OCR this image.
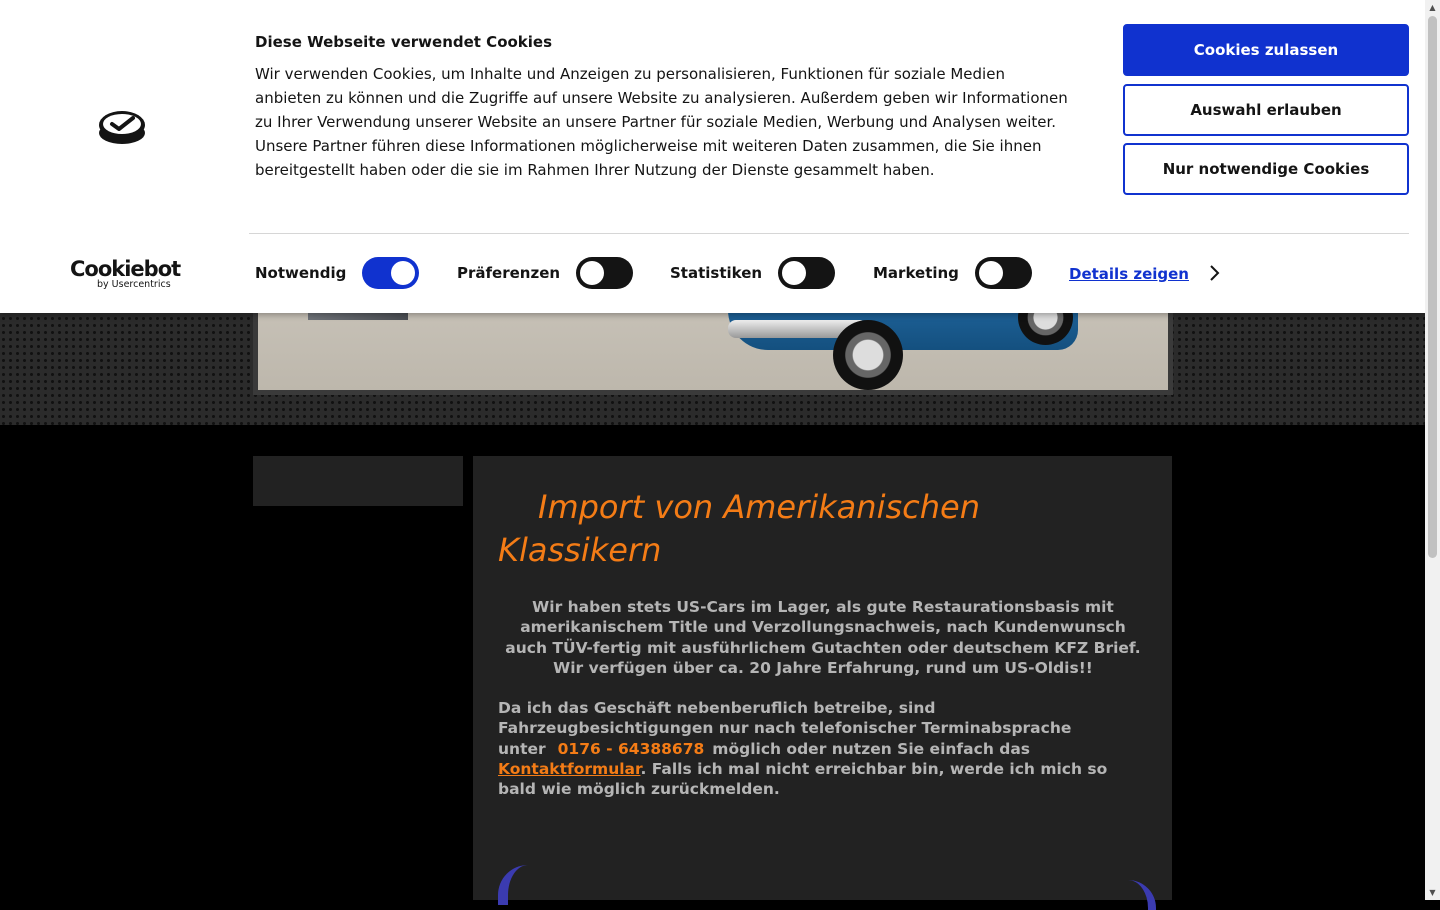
Import von Amerikanischen Klassikern

Wir haben stets US-Cars im Lager, als gute Restaurationsbasis mit amerikanischem Title und Verzollungsnachweis, nach Kundenwunsch auch TÜV-fertig mit ausführlichem Gutachten oder deutschem KFZ Brief. Wir verfügen über ca. 20 Jahre Erfahrung, rund um US-Oldis!!

Da ich das Geschäft nebenberuflich betreibe, sind Fahrzeugbesichtigungen nur nach telefonischer Terminabsprache unter 0176 - 64388678 möglich oder nutzen Sie einfach das Kontaktformular. Falls ich mal nicht erreichbar bin, werde ich mich so bald wie möglich zurückmelden.

Diese Webseite verwendet Cookies

Wir verwenden Cookies, um Inhalte und Anzeigen zu personalisieren, Funktionen für soziale Medien anbieten zu können und die Zugriffe auf unsere Website zu analysieren. Außerdem geben wir Informationen zu Ihrer Verwendung unserer Website an unsere Partner für soziale Medien, Werbung und Analysen weiter. Unsere Partner führen diese Informationen möglicherweise mit weiteren Daten zusammen, die Sie ihnen bereitgestellt haben oder die sie im Rahmen Ihrer Nutzung der Dienste gesammelt haben.

Cookies zulassen
Auswahl erlauben
Nur notwendige Cookies
Cookiebot
by Usercentrics
Notwendig	Präferenzen	Statistiken	Marketing	Details zeigen
▲
▼
